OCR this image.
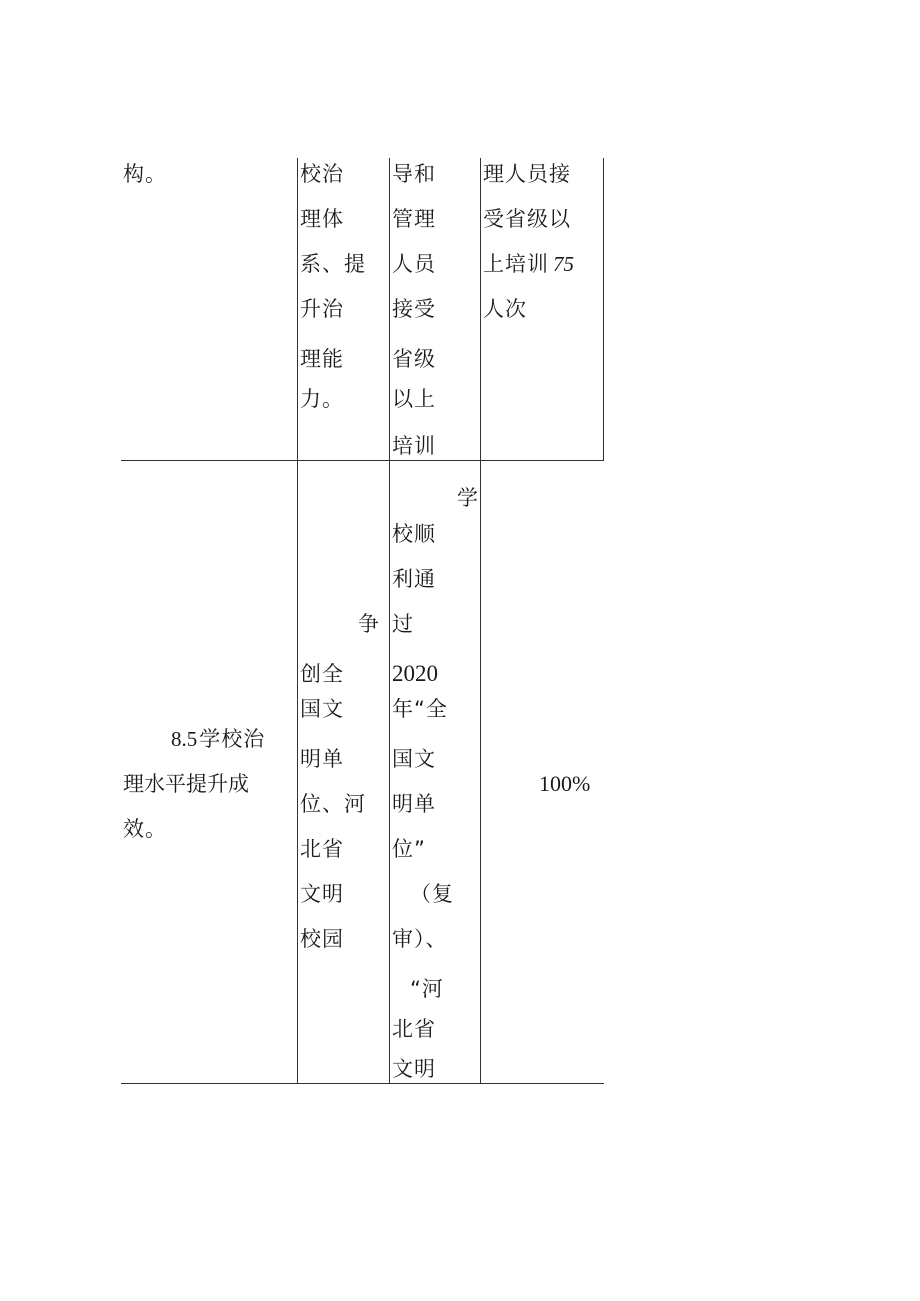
构。	校治

理体

系、提

升治

理能

力。

导和

管理

人员

接受

省级

以上

培训

理人员接

受省级以

上培训 75

人次

8.5学校治

理水平提升成

效。

争

创全

国文

明单

位、河

北省

文明

校园

学

校顺

利通

过

2020

年“全

国文

明单

位”

（复

审）、

“河

北省

文明

100%
